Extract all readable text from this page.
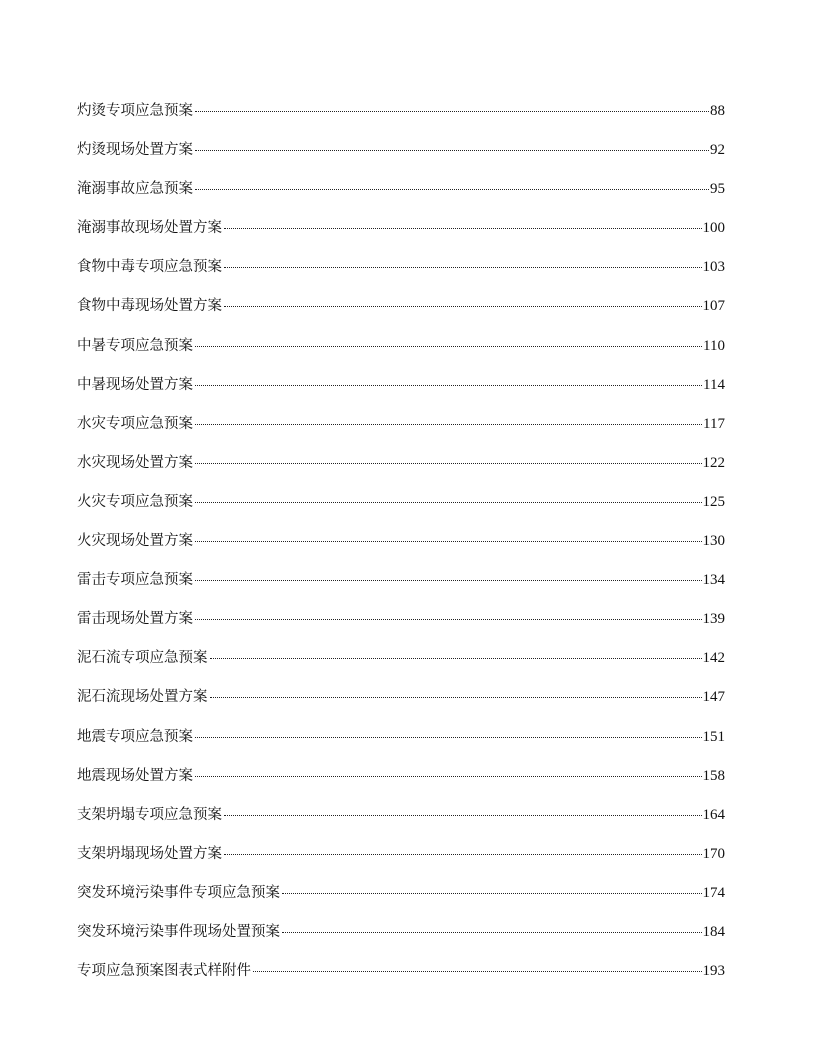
灼烫专项应急预案	88
灼烫现场处置方案	92
淹溺事故应急预案	95
淹溺事故现场处置方案	100
食物中毒专项应急预案	103
食物中毒现场处置方案	107
中暑专项应急预案	110
中暑现场处置方案	114
水灾专项应急预案	117
水灾现场处置方案	122
火灾专项应急预案	125
火灾现场处置方案	130
雷击专项应急预案	134
雷击现场处置方案	139
泥石流专项应急预案	142
泥石流现场处置方案	147
地震专项应急预案	151
地震现场处置方案	158
支架坍塌专项应急预案	164
支架坍塌现场处置方案	170
突发环境污染事件专项应急预案	174
突发环境污染事件现场处置预案	184
专项应急预案图表式样附件	193
